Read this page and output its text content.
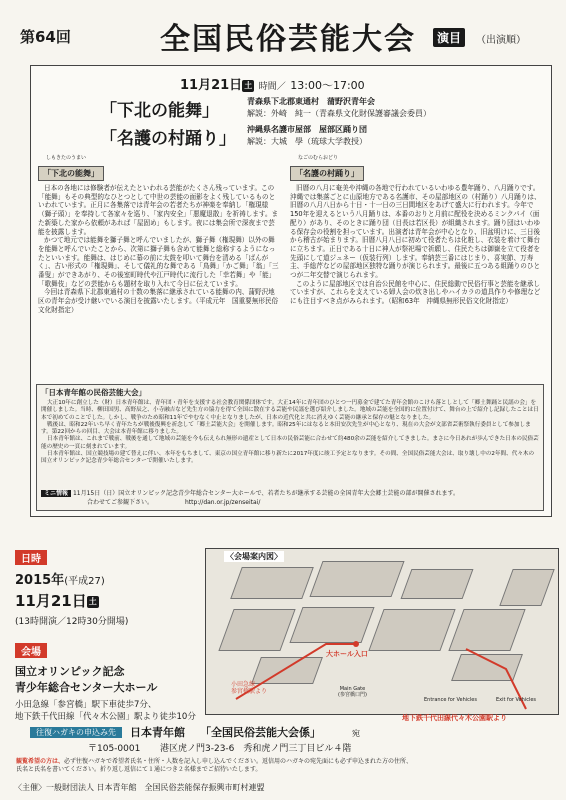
第64回	全国民俗芸能大会	演目	（出演順）
11月21日 土 時間／ 13:00～17:00
「下北の能舞」	青森県下北郡東通村　蒲野沢青年会
解説：外崎　純一（青森県文化財保護審議会委員）
「名護の村踊り」 沖縄県名護市屋部　屋部区踊り団
解説：大城　學（琉球大学教授）
しもきたのうまい
「下北の能舞」

日本の各地には修験者が伝えたといわれる芸能がたくさん残っています。この「能舞」もその典型的なひとつとして中世の芸能の面影をよく残しているものといわれています。正月に各集落では青年会の若者たちが神楽を奉納し「権現様（獅子頭）」を奉持して各家々を巡り、「家内安全」「悪魔退散」を祈祷します。また新築した家から依頼があれば「屋固め」もします。夜には集会所で深夜まで芸能を披露します。

かつて地元では能舞を獅子舞と呼んでいましたが、獅子舞（権現舞）以外の舞を能舞と呼んでいたことから、次第に獅子舞も含めて能舞と総称するようになったといいます。能舞は、はじめに幕の前に太鼓を叩いて舞台を清める「ばんがく」、古い形式の「権現舞」、そして儀礼的な舞である「鳥舞」「かご舞」「翁」「三番叟」ができあがり、その後室町時代や江戸時代に流行した「幸若舞」や「能」「歌舞伎」などの芸能からも題材を取り入れて今日に伝えています。

今回は青森県下北郡東通村の十数の集落に継承されている能舞の内、蒲野沢地区の青年会が受け継いでいる演目を披露いたします。（平成元年　国重要無形民俗文化財指定）

なごのむらおどり
「名護の村踊り」

旧暦の八月に奄美や沖縄の各地で行われているいわゆる豊年踊り、八月踊りです。沖縄では集落ごとに山原地方である名護市、その屋部地区の（村踊り）八月踊りは、旧暦の八月八日から十日・十一日の三日間地区をあげて盛大に行われます。今年で150年を迎えるという八月踊りは、本番のおりと月前に配役を決めるミンクパイ（面配り）があり、そのときに踊り団（目長は若区長）が組織されます。踊り団はいわゆる保存会の役割を担っています。出演者は青年会が中心となり、旧盆明けに、三日後から稽古が始まります。旧暦八月八日に初めて役者たちは化粧し、衣装を着けて舞台に立ちます。正日である十日に神人が祭祀場で祈願し、住民たちは御嶽を立て役者を先頭にして道ジュネー（仮装行列）します。奉納芸三番にはじまり、喜実節、万寿主、手総芹などの屋部地区独特な踊りが演じられます。最後に五つある組踊りのひとつが二年交替で演じられます。

このように屋部地区では自治公民館を中心に、住民総動で民俗行事と芸能を継承していますが、これらを支えている婦人会の炊き出しやハイカラの道具作りや修理などにも注目すべき点がみられます。（昭和63年　沖縄県無形民俗文化財指定）

「日本青年館の民俗芸能大会」

大正10年に創立した（財）日本青年館は、青年団・青年を支援する社会教育関係団体です。大正14年に青年団のひとつ一円募金で建てた青年会館のこけら落としとして「郷土舞踊と民謡の会」を開催しました。当時、柳田国男、高野辰之、小寺融吉など先生方の協力を得て全国に散在する芸能や民謡を選び紹介しました。地域の芸能を全国的に位置付けて、舞台の上で紹介し記録したことは日本で初めてのことでした。しかし、戦争のため昭和11年でやむなく中止となりましたが、日本の近代化と共に消えゆく芸能の継承と保存の魁となりました。

戦後は、昭和22年いち早く青年たちが戦後復興を祈念して「郷土芸能大会」を開催します。昭和25年にはなると本田安次先生が中心となり、現在の大会が文部省芸術祭執行委員として参加します。第22回からの回目、大会は本青年館に移りました。

日本青年館は、これまで戦前、戦後を通して地域の芸能を今も伝えられ無形の遺産として日本の民俗芸能に合わせて約480余の芸能を紹介してきました。まさに今日あれが歩んできた日本の民俗芸能の歴史の一頁に刻まれています。

日本青年館は、国立競技場の建て替えに伴い、本年をもちまして、東京の国立青年館に移り新たに2017年度に竣工予定となります。その間、全国民俗芸能大会は、取り壊し中の2年間、代々木の国立オリンピック記念青少年総合センターで開催いたします。

ミニ情報 11月15日（日）国立オリンピック記念青少年総合センター大ホールで、若者たちが継承する芸能の全国青年大会郷土芸能の部が開催されます。
合わせてご参観下さい。	http://dan.or.jp/zenseitai/
日時
2015年(平成27)
11月21日 土
(13時開演／12時30分開場)
会場
国立オリンピック記念
青少年総合センター大ホール
小田急線「参宮橋」駅下車徒歩7分、
地下鉄千代田線「代々木公園」駅より徒歩10分
〈会場案内図〉
大ホール入口
Main Gate
(参宮橋口門)
小田急線
参宮橋駅より
Entrance for Vehicles	Exit for Vehicles
地下鉄千代田線代々木公園駅より
往復ハガキの申込み先	日本青年館 「全国民俗芸能大会係」	宛
〒105-0001 港区虎ノ門3-23-6　秀和虎ノ門三丁目ビル４階
観覧希望の方は、必ず往復ハガキで希望者氏名・住所・人数を記入し申し込んでください。返信用のハガキの宛先面にも必ず申込まれた方の住所、
氏名と氏名を書いてください。折り返し返信にて１通につき２名様までご招待いたします。
〈主催〉一般財団法人 日本青年館　全国民俗芸能保存振興市町村連盟
